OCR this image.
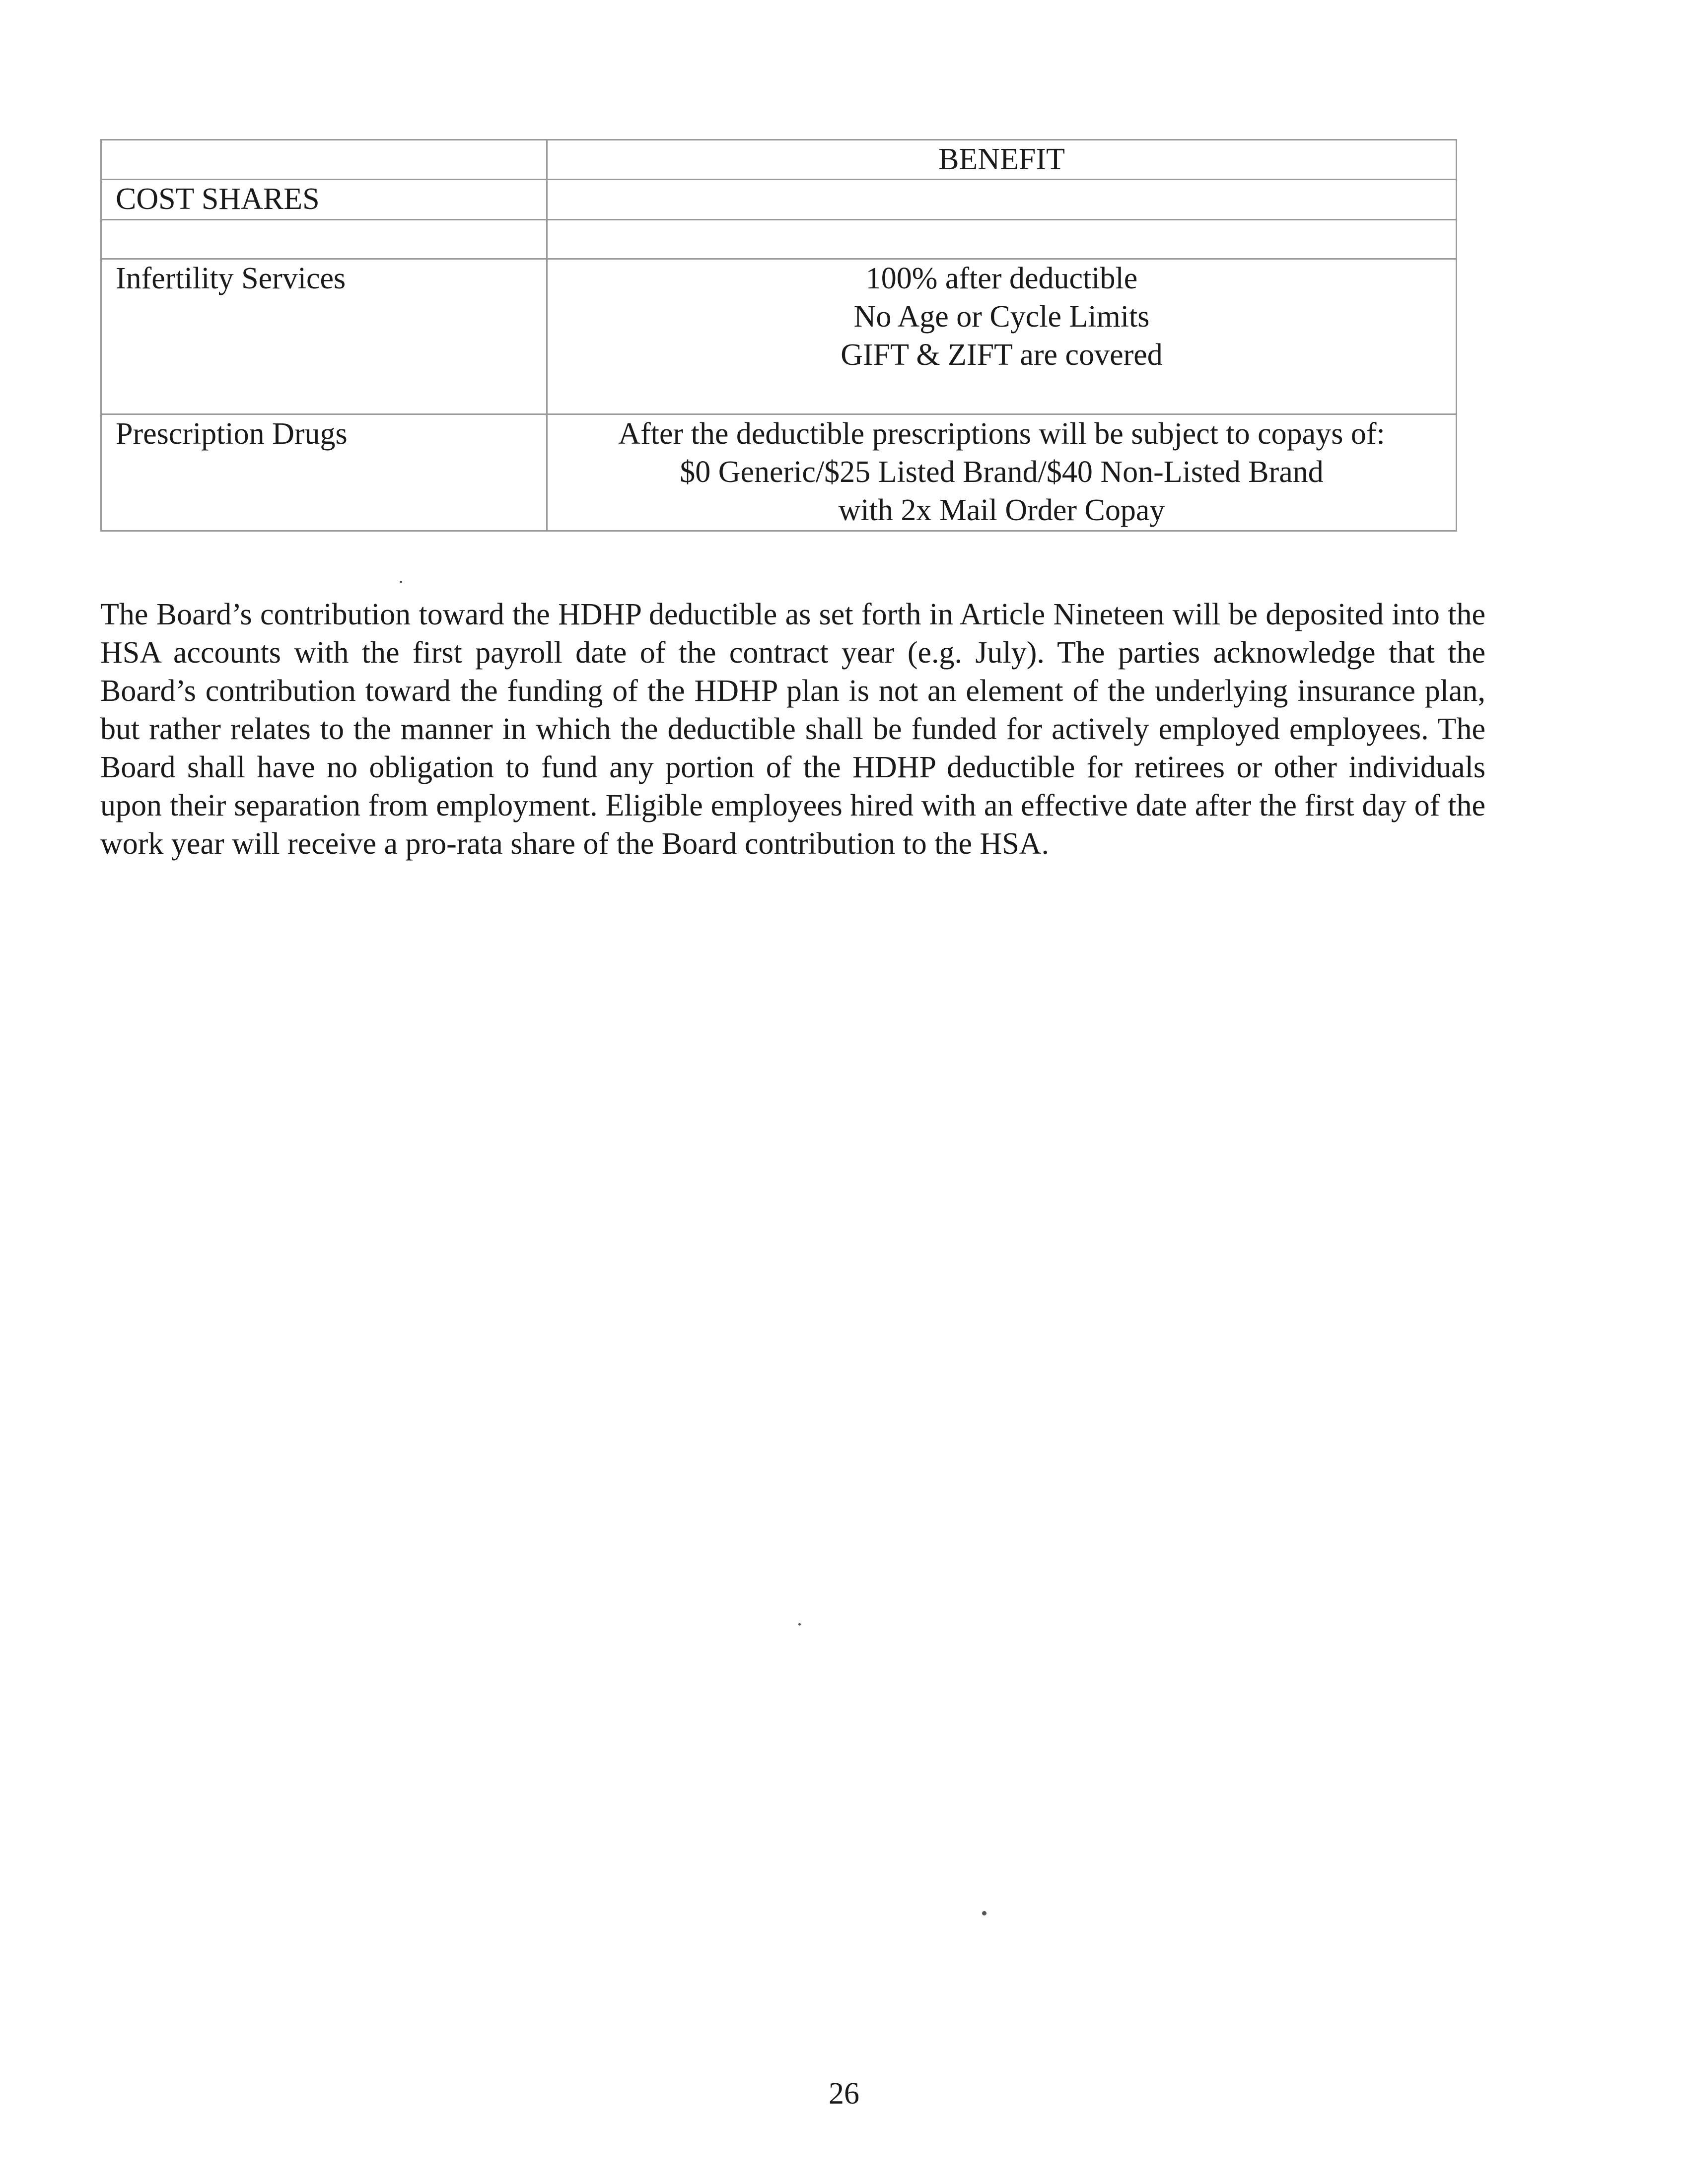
	BENEFIT
COST SHARES	

Infertility Services	100% after deductible
No Age or Cycle Limits
GIFT & ZIFT are covered

Prescription Drugs	After the deductible prescriptions will be subject to copays of:
$0 Generic/$25 Listed Brand/$40 Non-Listed Brand
with 2x Mail Order Copay

The Board’s contribution toward the HDHP deductible as set forth in Article Nineteen will be deposited into the HSA accounts with the first payroll date of the contract year (e.g. July). The parties acknowledge that the Board’s contribution toward the funding of the HDHP plan is not an element of the underlying insurance plan, but rather relates to the manner in which the deductible shall be funded for actively employed employees. The Board shall have no obligation to fund any portion of the HDHP deductible for retirees or other individuals upon their separation from employment. Eligible employees hired with an effective date after the first day of the work year will receive a pro-rata share of the Board contribution to the HSA.

26
